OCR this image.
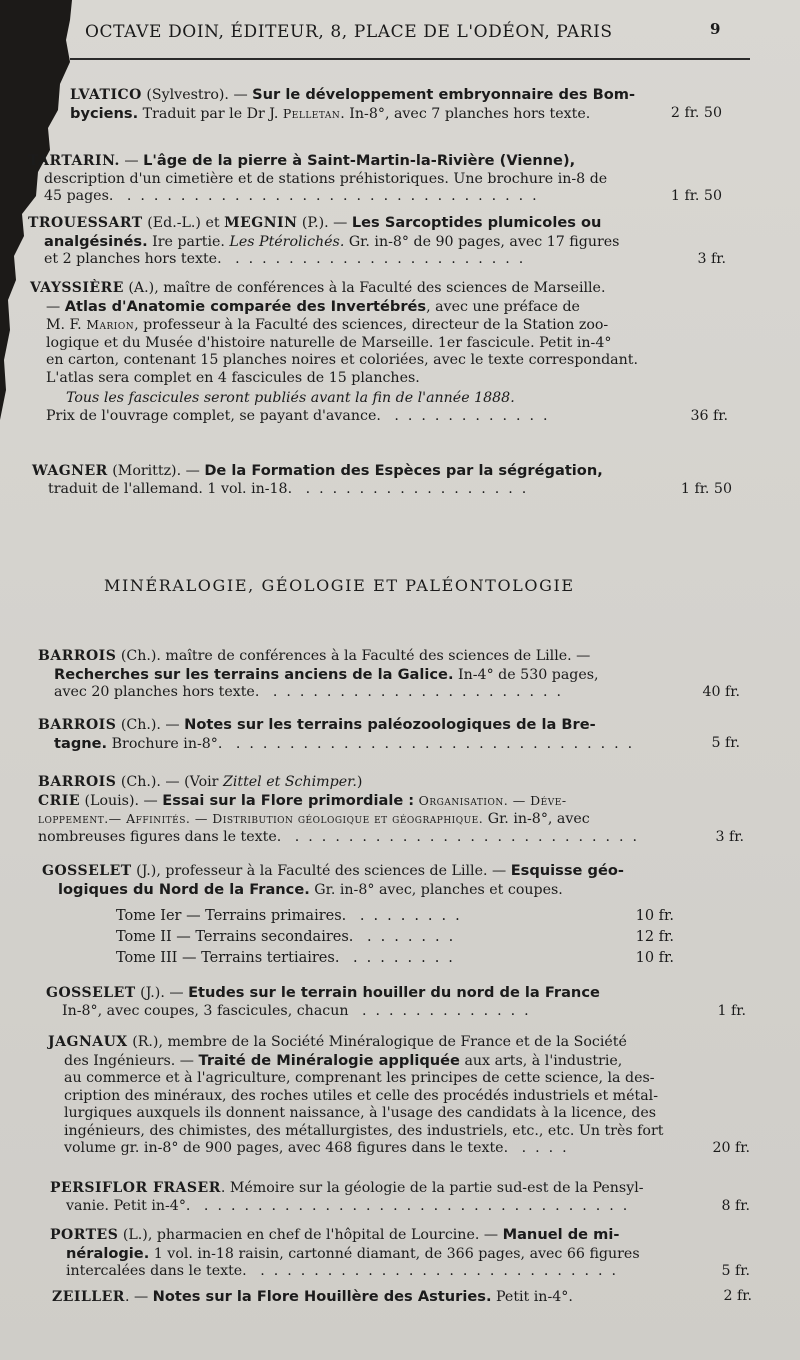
OCTAVE DOIN, ÉDITEUR, 8, PLACE DE L'ODÉON, PARIS	9
LVATICO (Sylvestro). — Sur le développement embryonnaire des Bom-
byciens. Traduit par le Dr J. Pelletan. In-8°, avec 7 planches hors texte.	2 fr. 50
TARTARIN. — L'âge de la pierre à Saint-Martin-la-Rivière (Vienne),
description d'un cimetière et de stations préhistoriques. Une brochure in-8 de
45 pages. ...............................	1 fr. 50
TROUESSART (Ed.-L.) et MEGNIN (P.). — Les Sarcoptides plumicoles ou
analgésinés. Ire partie. Les Ptérolichés. Gr. in-8° de 90 pages, avec 17 figures
et 2 planches hors texte. ......................	3 fr.
VAYSSIÈRE (A.), maître de conférences à la Faculté des sciences de Marseille.
— Atlas d'Anatomie comparée des Invertébrés, avec une préface de
M. F. Marion, professeur à la Faculté des sciences, directeur de la Station zoo-
logique et du Musée d'histoire naturelle de Marseille. 1er fascicule. Petit in-4°
en carton, contenant 15 planches noires et coloriées, avec le texte correspondant.
L'atlas sera complet en 4 fascicules de 15 planches.
Tous les fascicules seront publiés avant la fin de l'année 1888.
Prix de l'ouvrage complet, se payant d'avance. ............	36 fr.
WAGNER (Morittz). — De la Formation des Espèces par la ségrégation,
traduit de l'allemand. 1 vol. in-18. .................	1 fr. 50
MINÉRALOGIE, GÉOLOGIE ET PALÉONTOLOGIE
BARROIS (Ch.). maître de conférences à la Faculté des sciences de Lille. —
Recherches sur les terrains anciens de la Galice. In-4° de 530 pages,
avec 20 planches hors texte. ......................	40 fr.
BARROIS (Ch.). — Notes sur les terrains paléozoologiques de la Bre-
tagne. Brochure in-8°. ..............................	5 fr.
BARROIS (Ch.). — (Voir Zittel et Schimper.)
CRIE (Louis). — Essai sur la Flore primordiale : Organisation. — Déve-
loppement.— Affinités. — Distribution géologique et géographique. Gr. in-8°, avec
nombreuses figures dans le texte. ..........................	3 fr.
GOSSELET (J.), professeur à la Faculté des sciences de Lille. — Esquisse géo-
logiques du Nord de la France. Gr. in-8° avec, planches et coupes.
Tome Ier — Terrains primaires. ........	10 fr.
Tome II — Terrains secondaires. .......	12 fr.
Tome III — Terrains tertiaires. ........	10 fr.
GOSSELET (J.). — Etudes sur le terrain houiller du nord de la France
In-8°, avec coupes, 3 fascicules, chacun .............	1 fr.
JAGNAUX (R.), membre de la Société Minéralogique de France et de la Société
des Ingénieurs. — Traité de Minéralogie appliquée aux arts, à l'industrie,
au commerce et à l'agriculture, comprenant les principes de cette science, la des-
cription des minéraux, des roches utiles et celle des procédés industriels et métal-
lurgiques auxquels ils donnent naissance, à l'usage des candidats à la licence, des
ingénieurs, des chimistes, des métallurgistes, des industriels, etc., etc. Un très fort
volume gr. in-8° de 900 pages, avec 468 figures dans le texte. ....	20 fr.
PERSIFLOR FRASER. Mémoire sur la géologie de la partie sud-est de la Pensyl-
vanie. Petit in-4°. ................................	8 fr.
PORTES (L.), pharmacien en chef de l'hôpital de Lourcine. — Manuel de mi-
néralogie. 1 vol. in-18 raisin, cartonné diamant, de 366 pages, avec 66 figures
intercalées dans le texte. ...........................	5 fr.
ZEILLER. — Notes sur la Flore Houillère des Asturies. Petit in-4°.	2 fr.
